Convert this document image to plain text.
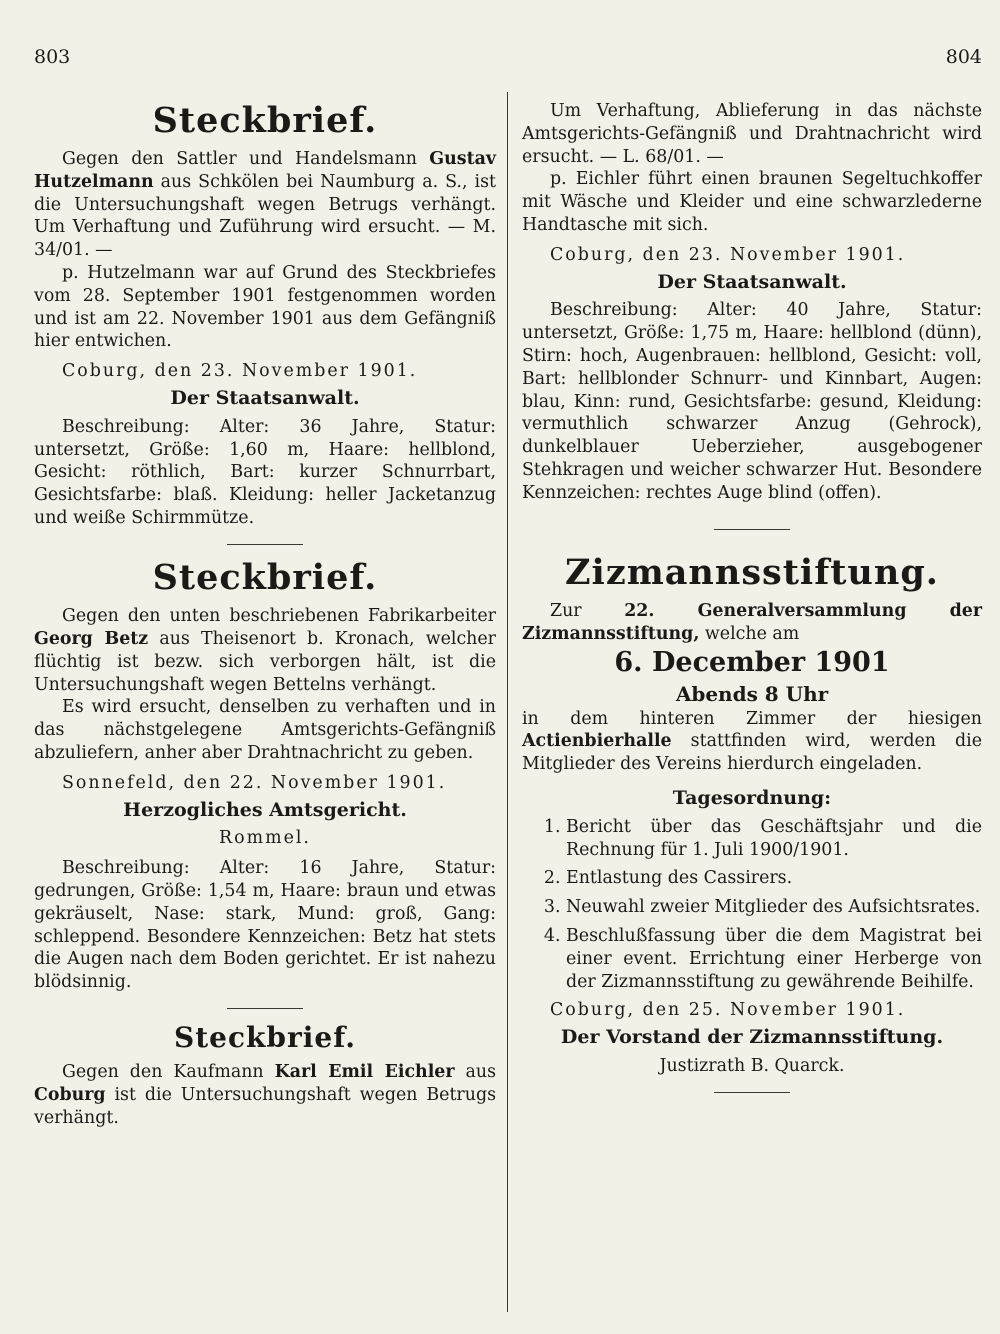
803	804
Steckbrief.

Gegen den Sattler und Handelsmann Gustav Hutzelmann aus Schkölen bei Naumburg a. S., ist die Untersuchungshaft wegen Betrugs verhängt. Um Verhaftung und Zuführung wird ersucht. — M. 34/01. —

p. Hutzelmann war auf Grund des Steckbriefes vom 28. September 1901 festgenommen worden und ist am 22. November 1901 aus dem Gefängniß hier entwichen.

Coburg, den 23. November 1901.

Der Staatsanwalt.

Beschreibung: Alter: 36 Jahre, Statur: untersetzt, Größe: 1,60 m, Haare: hellblond, Gesicht: röthlich, Bart: kurzer Schnurrbart, Gesichtsfarbe: blaß. Kleidung: heller Jacketanzug und weiße Schirmmütze.

Steckbrief.

Gegen den unten beschriebenen Fabrikarbeiter Georg Betz aus Theisenort b. Kronach, welcher flüchtig ist bezw. sich verborgen hält, ist die Untersuchungshaft wegen Bettelns verhängt.

Es wird ersucht, denselben zu verhaften und in das nächstgelegene Amtsgerichts-Gefängniß abzuliefern, anher aber Drahtnachricht zu geben.

Sonnefeld, den 22. November 1901.

Herzogliches Amtsgericht.

Rommel.

Beschreibung: Alter: 16 Jahre, Statur: gedrungen, Größe: 1,54 m, Haare: braun und etwas gekräuselt, Nase: stark, Mund: groß, Gang: schleppend. Besondere Kennzeichen: Betz hat stets die Augen nach dem Boden gerichtet. Er ist nahezu blödsinnig.

Steckbrief.

Gegen den Kaufmann Karl Emil Eichler aus Coburg ist die Untersuchungshaft wegen Betrugs verhängt.

Um Verhaftung, Ablieferung in das nächste Amtsgerichts-Gefängniß und Drahtnachricht wird ersucht. — L. 68/01. —

p. Eichler führt einen braunen Segeltuchkoffer mit Wäsche und Kleider und eine schwarzlederne Handtasche mit sich.

Coburg, den 23. November 1901.

Der Staatsanwalt.

Beschreibung: Alter: 40 Jahre, Statur: untersetzt, Größe: 1,75 m, Haare: hellblond (dünn), Stirn: hoch, Augenbrauen: hellblond, Gesicht: voll, Bart: hellblonder Schnurr- und Kinnbart, Augen: blau, Kinn: rund, Gesichtsfarbe: gesund, Kleidung: vermuthlich schwarzer Anzug (Gehrock), dunkelblauer Ueberzieher, ausgebogener Stehkragen und weicher schwarzer Hut. Besondere Kennzeichen: rechtes Auge blind (offen).

Zizmannsstiftung.

Zur 22. Generalversammlung der Zizmannsstiftung, welche am

6. December 1901
Abends 8 Uhr

in dem hinteren Zimmer der hiesigen Actienbierhalle stattfinden wird, werden die Mitglieder des Vereins hierdurch eingeladen.

Tagesordnung:
1. Bericht über das Geschäftsjahr und die Rechnung für 1. Juli 1900/1901.
2. Entlastung des Cassirers.
3. Neuwahl zweier Mitglieder des Aufsichtsrates.
4. Beschlußfassung über die dem Magistrat bei einer event. Errichtung einer Herberge von der Zizmannsstiftung zu gewährende Beihilfe.

Coburg, den 25. November 1901.

Der Vorstand der Zizmannsstiftung.

Justizrath B. Quarck.
